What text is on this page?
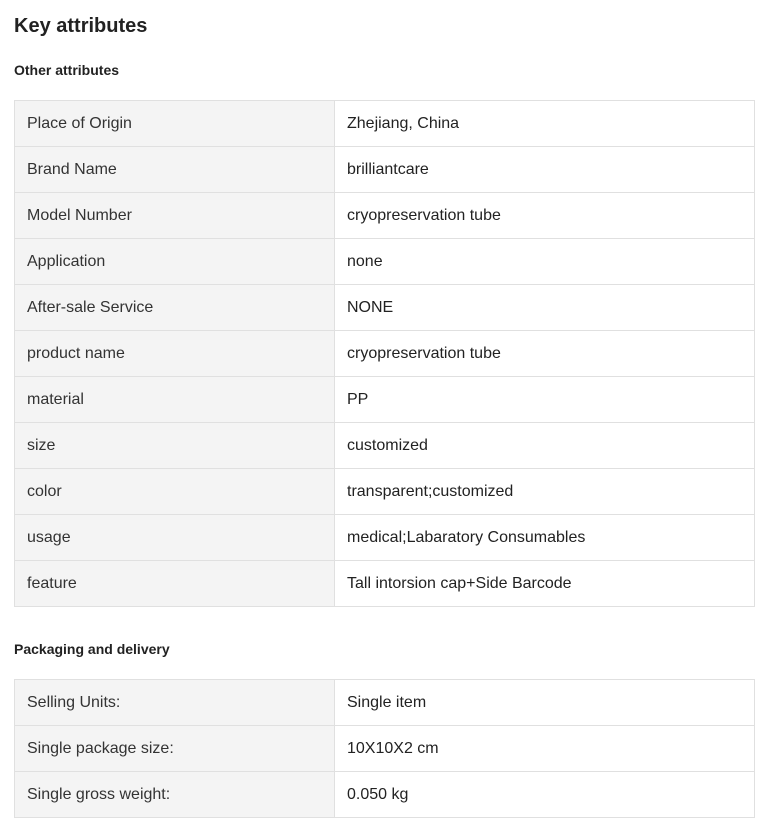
Key attributes
Other attributes
Place of Origin	Zhejiang, China
Brand Name	brilliantcare
Model Number	cryopreservation tube
Application	none
After-sale Service	NONE
product name	cryopreservation tube
material	PP
size	customized
color	transparent;customized
usage	medical;Labaratory Consumables
feature	Tall intorsion cap+Side Barcode
Packaging and delivery
Selling Units:	Single item
Single package size:	10X10X2 cm
Single gross weight:	0.050 kg
